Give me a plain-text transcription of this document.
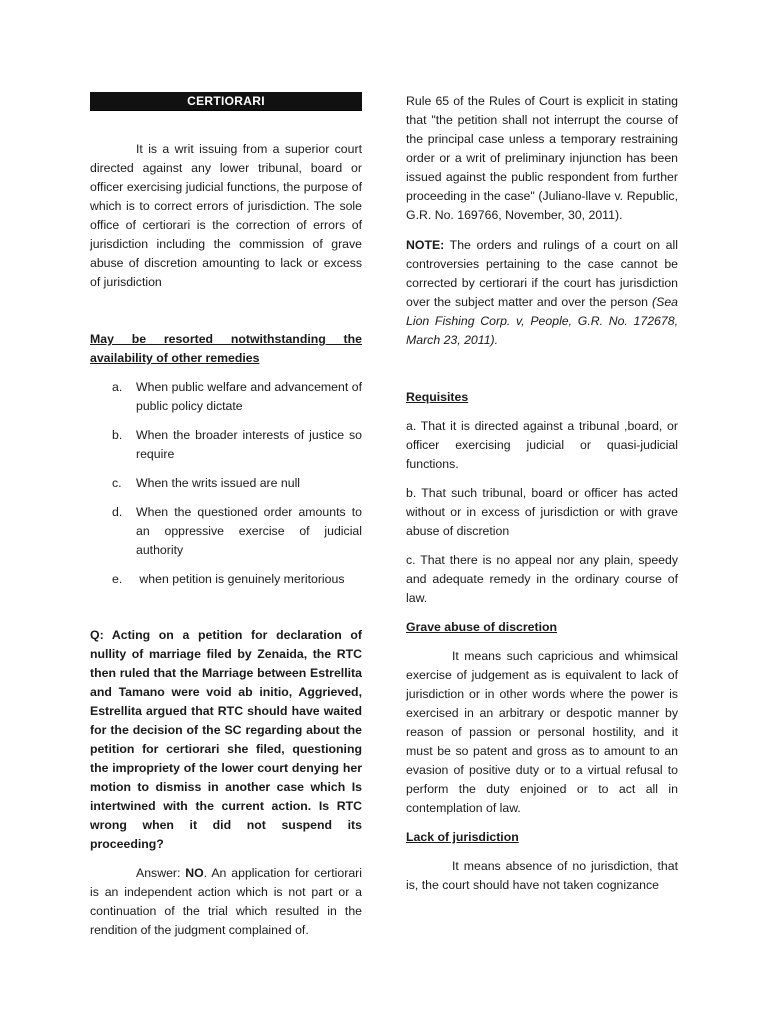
CERTIORARI

It is a writ issuing from a superior court directed against any lower tribunal, board or officer exercising judicial functions, the purpose of which is to correct errors of jurisdiction. The sole office of certiorari is the correction of errors of jurisdiction including the commission of grave abuse of discretion amounting to lack or excess of jurisdiction

May be resorted notwithstanding the availability of other remedies

a. When public welfare and advancement of public policy dictate
b. When the broader interests of justice so require
c. When the writs issued are null
d. When the questioned order amounts to an oppressive exercise of judicial authority
e. when petition is genuinely meritorious

Q: Acting on a petition for declaration of nullity of marriage filed by Zenaida, the RTC then ruled that the Marriage between Estrellita and Tamano were void ab initio, Aggrieved, Estrellita argued that RTC should have waited for the decision of the SC regarding about the petition for certiorari she filed, questioning the impropriety of the lower court denying her motion to dismiss in another case which Is intertwined with the current action. Is RTC wrong when it did not suspend its proceeding?

Answer: NO. An application for certiorari is an independent action which is not part or a continuation of the trial which resulted in the rendition of the judgment complained of.

Rule 65 of the Rules of Court is explicit in stating that "the petition shall not interrupt the course of the principal case unless a temporary restraining order or a writ of preliminary injunction has been issued against the public respondent from further proceeding in the case" (Juliano-llave v. Republic, G.R. No. 169766, November, 30, 2011).

NOTE: The orders and rulings of a court on all controversies pertaining to the case cannot be corrected by certiorari if the court has jurisdiction over the subject matter and over the person (Sea Lion Fishing Corp. v, People, G.R. No. 172678, March 23, 2011).

Requisites

a. That it is directed against a tribunal ,board, or officer exercising judicial or quasi-judicial functions.

b. That such tribunal, board or officer has acted without or in excess of jurisdiction or with grave abuse of discretion

c. That there is no appeal nor any plain, speedy and adequate remedy in the ordinary course of law.

Grave abuse of discretion

It means such capricious and whimsical exercise of judgement as is equivalent to lack of jurisdiction or in other words where the power is exercised in an arbitrary or despotic manner by reason of passion or personal hostility, and it must be so patent and gross as to amount to an evasion of positive duty or to a virtual refusal to perform the duty enjoined or to act all in contemplation of law.

Lack of jurisdiction

It means absence of no jurisdiction, that is, the court should have not taken cognizance
